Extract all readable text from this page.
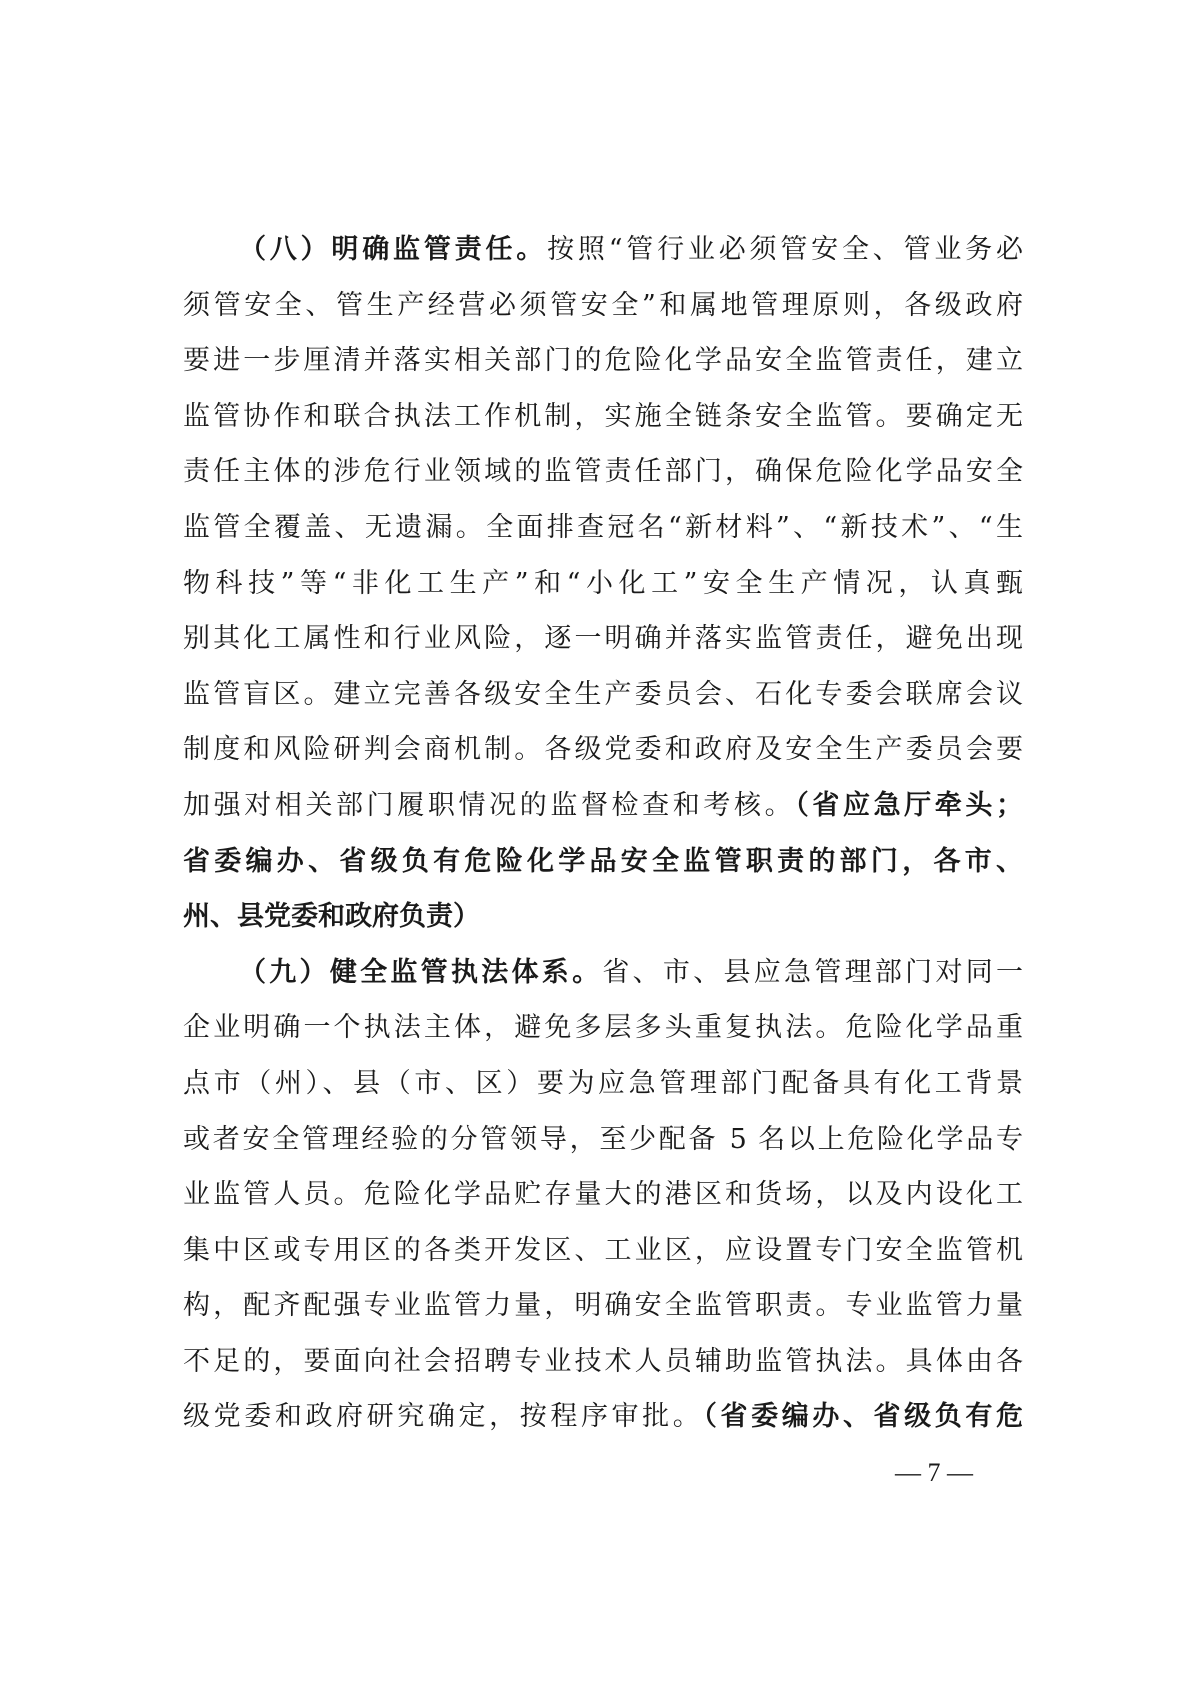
（八）明确监管责任。按照“管行业必须管安全、管业务必
须管安全、管生产经营必须管安全”和属地管理原则，各级政府
要进一步厘清并落实相关部门的危险化学品安全监管责任，建立
监管协作和联合执法工作机制，实施全链条安全监管。要确定无
责任主体的涉危行业领域的监管责任部门，确保危险化学品安全
监管全覆盖、无遗漏。全面排查冠名“新材料”、“新技术”、“生
物科技”等“非化工生产”和“小化工”安全生产情况，认真甄
别其化工属性和行业风险，逐一明确并落实监管责任，避免出现
监管盲区。建立完善各级安全生产委员会、石化专委会联席会议
制度和风险研判会商机制。各级党委和政府及安全生产委员会要
加强对相关部门履职情况的监督检查和考核。（省应急厅牵头；
省委编办、省级负有危险化学品安全监管职责的部门，各市、
州、县党委和政府负责）
（九）健全监管执法体系。省、市、县应急管理部门对同一
企业明确一个执法主体，避免多层多头重复执法。危险化学品重
点市（州）、县（市、区）要为应急管理部门配备具有化工背景
或者安全管理经验的分管领导，至少配备 5 名以上危险化学品专
业监管人员。危险化学品贮存量大的港区和货场，以及内设化工
集中区或专用区的各类开发区、工业区，应设置专门安全监管机
构，配齐配强专业监管力量，明确安全监管职责。专业监管力量
不足的，要面向社会招聘专业技术人员辅助监管执法。具体由各
级党委和政府研究确定，按程序审批。（省委编办、省级负有危
— 7 —
